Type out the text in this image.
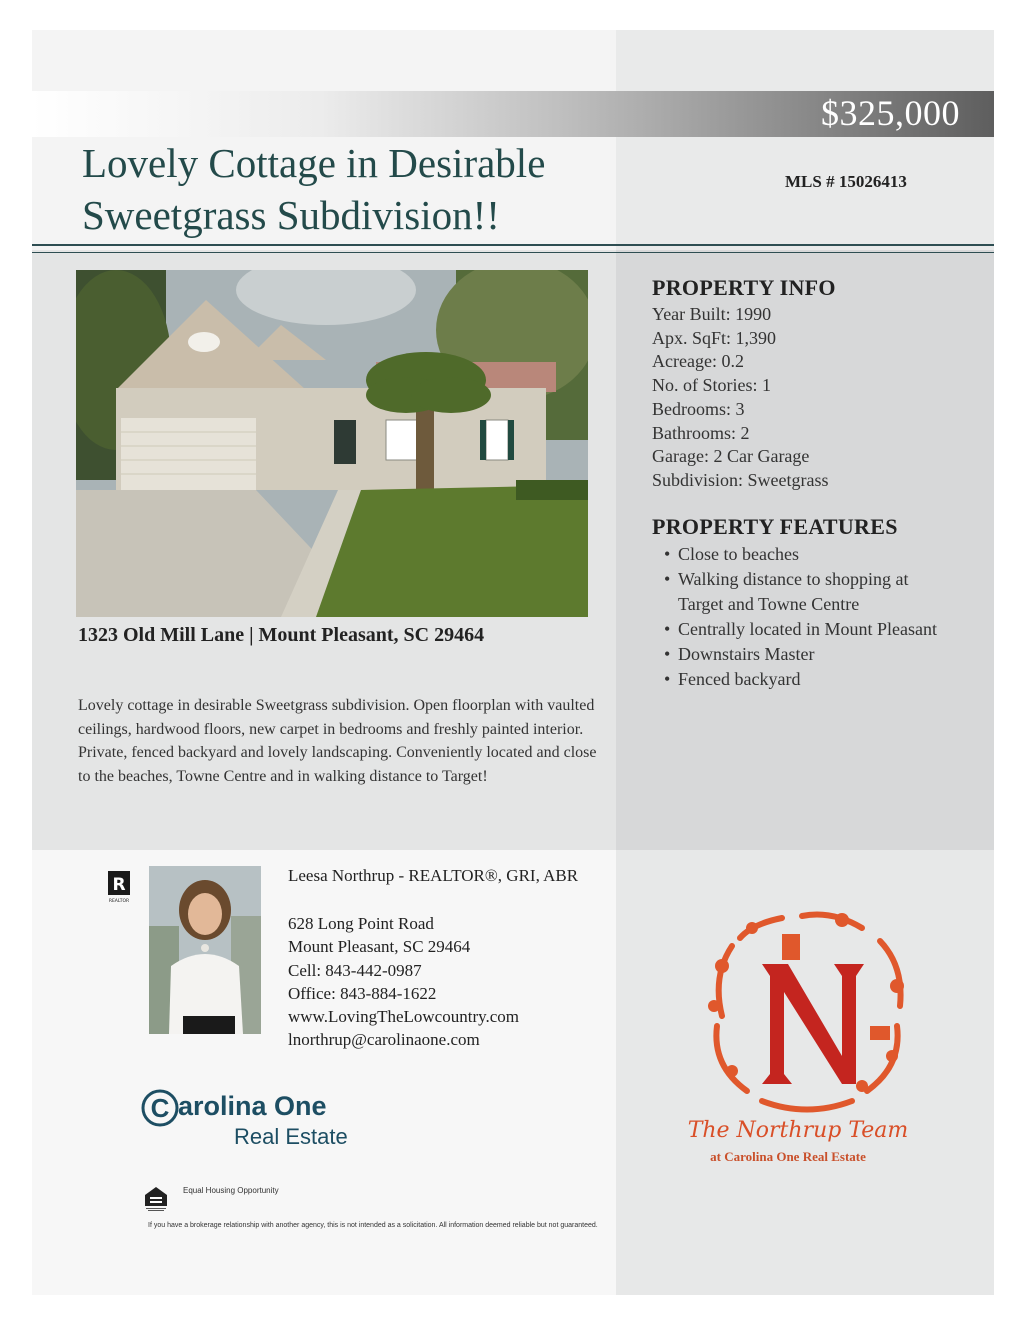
$325,000
Lovely Cottage in Desirable Sweetgrass Subdivision!!
MLS # 15026413
1323 Old Mill Lane | Mount Pleasant, SC 29464

Lovely cottage in desirable Sweetgrass subdivision. Open floorplan with vaulted ceilings, hardwood floors, new carpet in bedrooms and freshly painted interior. Private, fenced backyard and lovely landscaping. Conveniently located and close to the beaches, Towne Centre and in walking distance to Target!

PROPERTY INFO
Year Built: 1990
Apx. SqFt: 1,390
Acreage: 0.2
No. of Stories: 1
Bedrooms: 3
Bathrooms: 2
Garage: 2 Car Garage
Subdivision: Sweetgrass
PROPERTY FEATURES
• Close to beaches
• Walking distance to shopping at Target and Towne Centre
• Centrally located in Mount Pleasant
• Downstairs Master
• Fenced backyard
R
REALTOR
Leesa Northrup - REALTOR®, GRI, ABR
628 Long Point Road
Mount Pleasant, SC 29464
Cell: 843-442-0987
Office: 843-884-1622
www.LovingTheLowcountry.com
lnorthrup@carolinaone.com
C arolina One
Real Estate
Equal Housing Opportunity
If you have a brokerage relationship with another agency, this is not intended as a solicitation. All information deemed reliable but not guaranteed.
N
The Northrup Team
at Carolina One Real Estate
